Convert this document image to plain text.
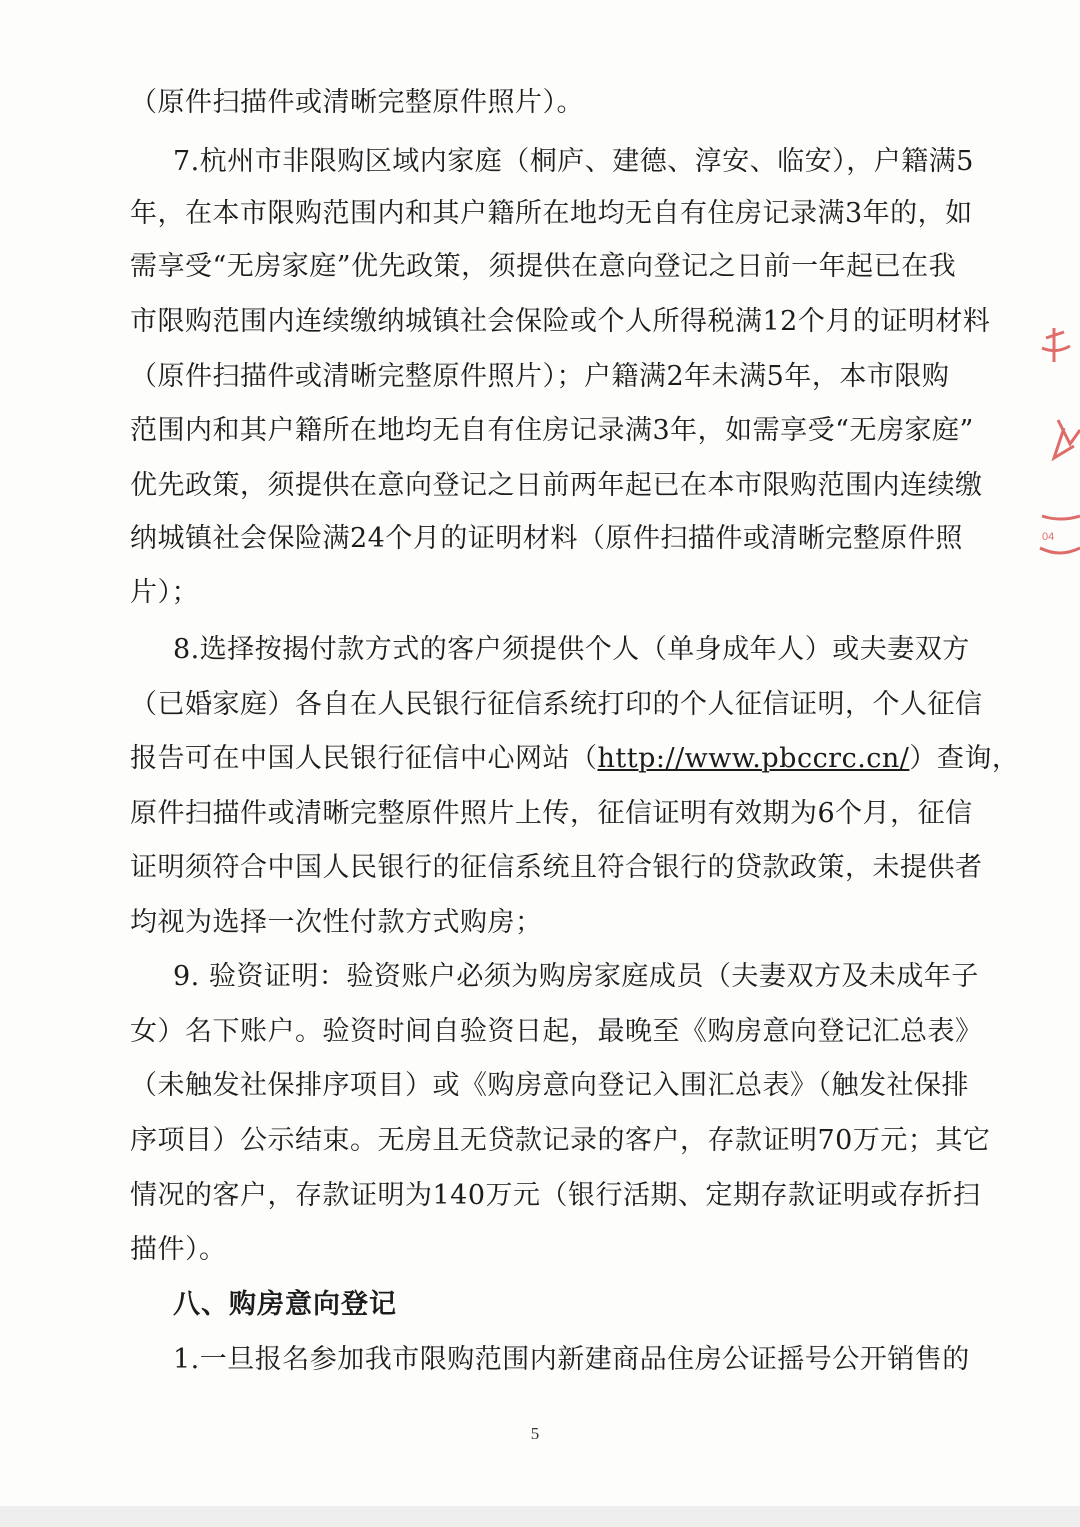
（原件扫描件或清晰完整原件照片）。
7.杭州市非限购区域内家庭（桐庐、建德、淳安、临安），户籍满5
年，在本市限购范围内和其户籍所在地均无自有住房记录满3年的，如
需享受“无房家庭”优先政策，须提供在意向登记之日前一年起已在我
市限购范围内连续缴纳城镇社会保险或个人所得税满12个月的证明材料
（原件扫描件或清晰完整原件照片）；户籍满2年未满5年，本市限购
范围内和其户籍所在地均无自有住房记录满3年，如需享受“无房家庭”
优先政策，须提供在意向登记之日前两年起已在本市限购范围内连续缴
纳城镇社会保险满24个月的证明材料（原件扫描件或清晰完整原件照
片）；
8.选择按揭付款方式的客户须提供个人（单身成年人）或夫妻双方
（已婚家庭）各自在人民银行征信系统打印的个人征信证明，个人征信
报告可在中国人民银行征信中心网站（http://www.pbccrc.cn/）查询，
原件扫描件或清晰完整原件照片上传，征信证明有效期为6个月，征信
证明须符合中国人民银行的征信系统且符合银行的贷款政策，未提供者
均视为选择一次性付款方式购房；
9. 验资证明：验资账户必须为购房家庭成员（夫妻双方及未成年子
女）名下账户。验资时间自验资日起，最晚至《购房意向登记汇总表》
（未触发社保排序项目）或《购房意向登记入围汇总表》（触发社保排
序项目）公示结束。无房且无贷款记录的客户，存款证明70万元；其它
情况的客户，存款证明为140万元（银行活期、定期存款证明或存折扫
描件）。
八、购房意向登记
1.一旦报名参加我市限购范围内新建商品住房公证摇号公开销售的
5
04
